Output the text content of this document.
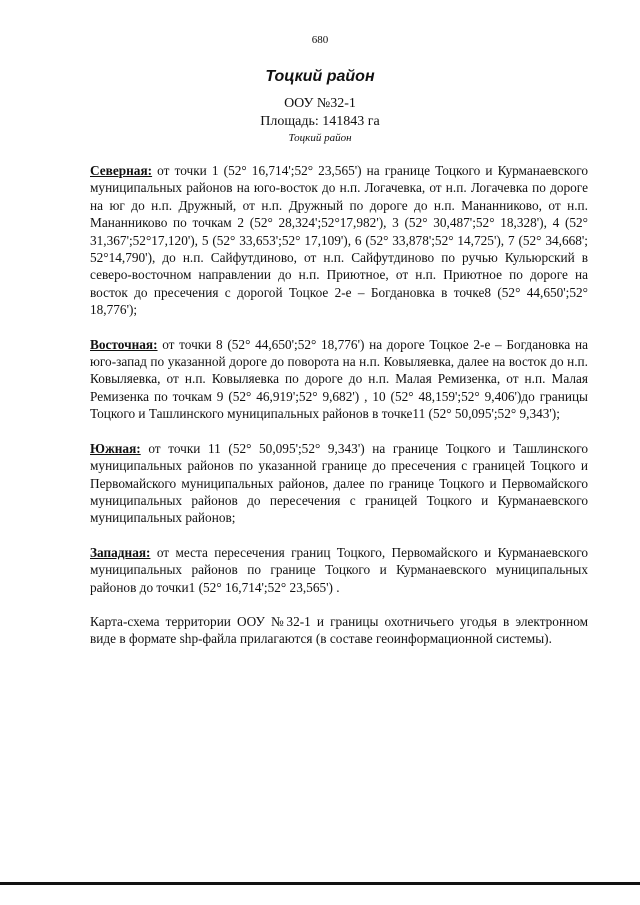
680
Тоцкий район
ООУ №32-1
Площадь: 141843 га
Тоцкий район

Северная: от точки 1 (52° 16,714';52° 23,565') на границе Тоцкого и Курманаевского муниципальных районов на юго-восток до н.п. Логачевка, от н.п. Логачевка по дороге на юг до н.п. Дружный, от н.п. Дружный по дороге до н.п. Мананниково, от н.п. Мананниково по точкам 2 (52° 28,324';52°17,982'), 3 (52° 30,487';52° 18,328'), 4 (52° 31,367';52°17,120'), 5 (52° 33,653';52° 17,109'), 6 (52° 33,878';52° 14,725'), 7 (52° 34,668'; 52°14,790'), до н.п. Сайфутдиново, от н.п. Сайфутдиново по ручью Кульюрский в северо-восточном направлении до н.п. Приютное, от н.п. Приютное по дороге на восток до пресечения с дорогой Тоцкое 2-е – Богдановка в точке8 (52° 44,650';52° 18,776');

Восточная: от точки 8 (52° 44,650';52° 18,776') на дороге Тоцкое 2-е – Богдановка на юго-запад по указанной дороге до поворота на н.п. Ковыляевка, далее на восток до н.п. Ковыляевка, от н.п. Ковыляевка по дороге до н.п. Малая Ремизенка, от н.п. Малая Ремизенка по точкам 9 (52° 46,919';52° 9,682') , 10 (52° 48,159';52° 9,406')до границы Тоцкого и Ташлинского муниципальных районов в точке11 (52° 50,095';52° 9,343');

Южная: от точки 11 (52° 50,095';52° 9,343') на границе Тоцкого и Ташлинского муниципальных районов по указанной границе до пресечения с границей Тоцкого и Первомайского муниципальных районов, далее по границе Тоцкого и Первомайского муниципальных районов до пересечения с границей Тоцкого и Курманаевского муниципальных районов;

Западная: от места пересечения границ Тоцкого, Первомайского и Курманаевского муниципальных районов по границе Тоцкого и Курманаевского муниципальных районов до точки1 (52° 16,714';52° 23,565') .

Карта-схема территории ООУ №32-1 и границы охотничьего угодья в электронном виде в формате shp-файла прилагаются (в составе геоинформационной системы).
